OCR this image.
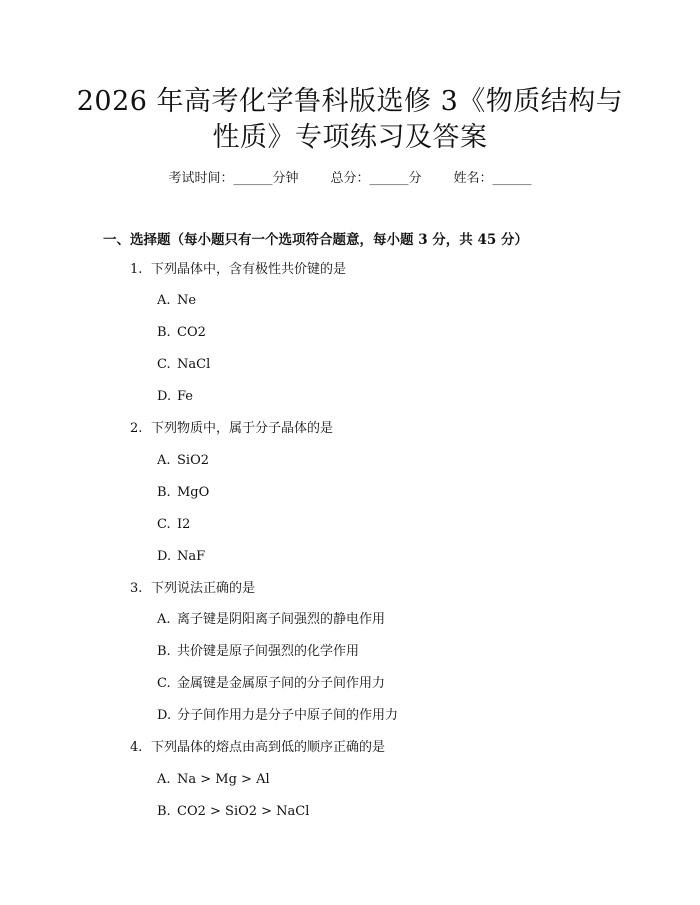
2026 年高考化学鲁科版选修 3《物质结构与
性质》专项练习及答案
考试时间：______分钟 总分：______分 姓名：______
一、选择题（每小题只有一个选项符合题意，每小题 3 分，共 45 分）
1. 下列晶体中，含有极性共价键的是
A. Ne
B. CO2
C. NaCl
D. Fe
2. 下列物质中，属于分子晶体的是
A. SiO2
B. MgO
C. I2
D. NaF
3. 下列说法正确的是
A. 离子键是阴阳离子间强烈的静电作用
B. 共价键是原子间强烈的化学作用
C. 金属键是金属原子间的分子间作用力
D. 分子间作用力是分子中原子间的作用力
4. 下列晶体的熔点由高到低的顺序正确的是
A. Na > Mg > Al
B. CO2 > SiO2 > NaCl
